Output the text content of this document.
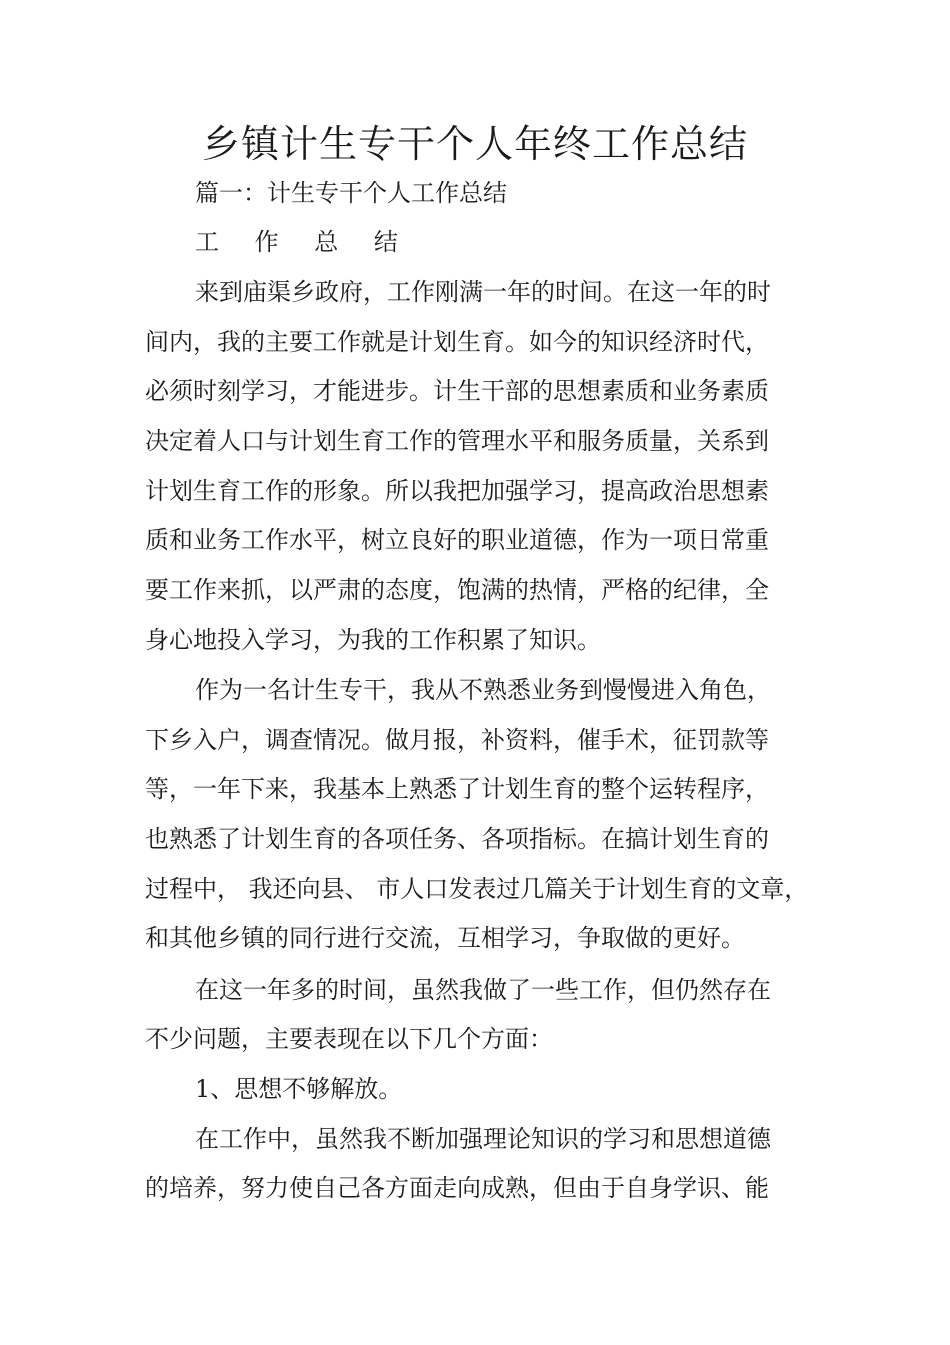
乡镇计生专干个人年终工作总结
篇一：计生专干个人工作总结
工 作 总 结
来到庙渠乡政府，工作刚满一年的时间。在这一年的时
间内，我的主要工作就是计划生育。如今的知识经济时代，
必须时刻学习，才能进步。计生干部的思想素质和业务素质
决定着人口与计划生育工作的管理水平和服务质量，关系到
计划生育工作的形象。所以我把加强学习，提高政治思想素
质和业务工作水平，树立良好的职业道德，作为一项日常重
要工作来抓，以严肃的态度，饱满的热情，严格的纪律，全
身心地投入学习，为我的工作积累了知识。
作为一名计生专干，我从不熟悉业务到慢慢进入角色，
下乡入户，调查情况。做月报，补资料，催手术，征罚款等
等，一年下来，我基本上熟悉了计划生育的整个运转程序，
也熟悉了计划生育的各项任务、各项指标。在搞计划生育的
过程中， 我还向县、 市人口发表过几篇关于计划生育的文章，
和其他乡镇的同行进行交流，互相学习，争取做的更好。
在这一年多的时间，虽然我做了一些工作，但仍然存在
不少问题，主要表现在以下几个方面：
1、思想不够解放。
在工作中，虽然我不断加强理论知识的学习和思想道德
的培养，努力使自己各方面走向成熟，但由于自身学识、能
